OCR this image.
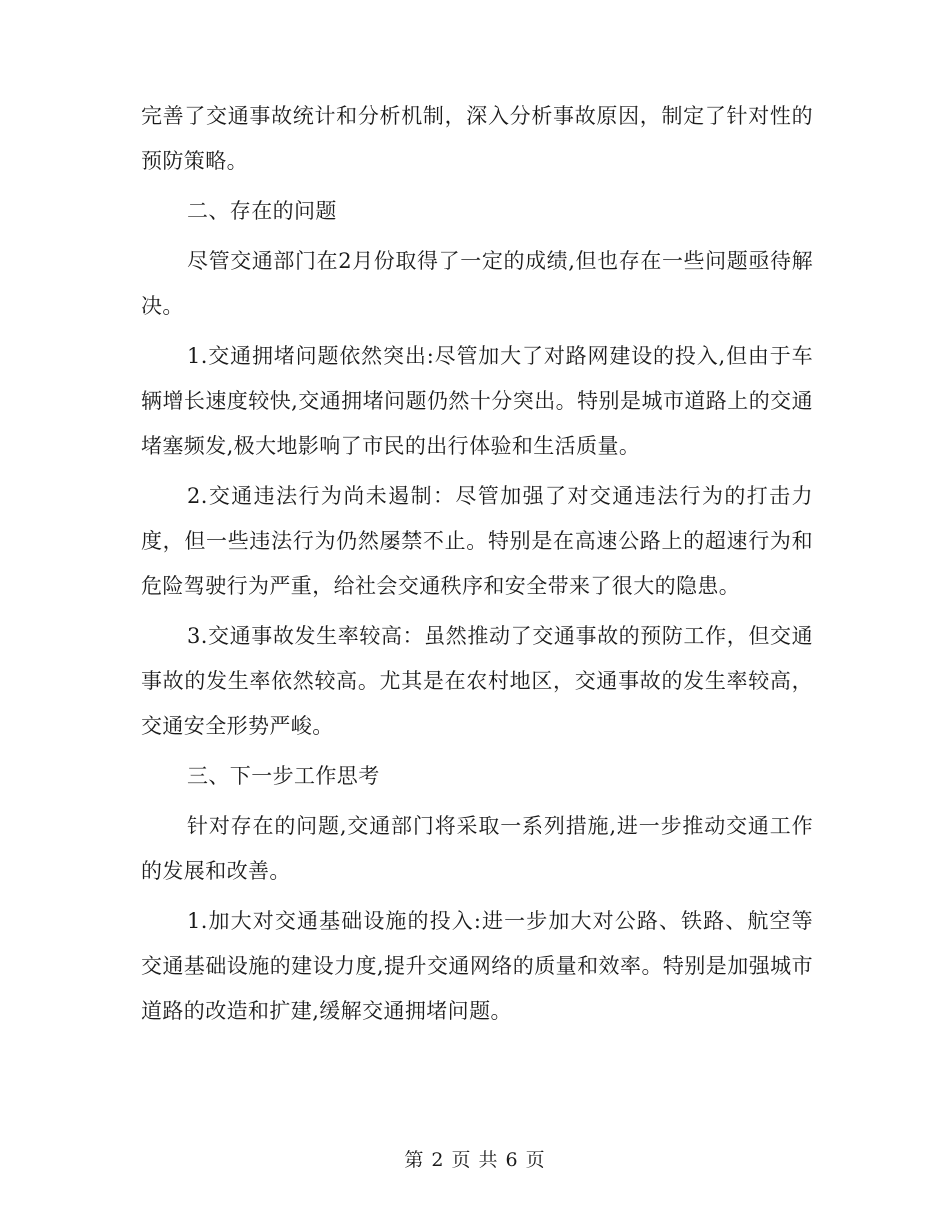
完善了交通事故统计和分析机制，深入分析事故原因，制定了针对性的预防策略。

二、存在的问题

尽管交通部门在2月份取得了一定的成绩,但也存在一些问题亟待解决。

1.交通拥堵问题依然突出:尽管加大了对路网建设的投入,但由于车辆增长速度较快,交通拥堵问题仍然十分突出。特别是城市道路上的交通堵塞频发,极大地影响了市民的出行体验和生活质量。

2.交通违法行为尚未遏制：尽管加强了对交通违法行为的打击力度，但一些违法行为仍然屡禁不止。特别是在高速公路上的超速行为和危险驾驶行为严重，给社会交通秩序和安全带来了很大的隐患。

3.交通事故发生率较高：虽然推动了交通事故的预防工作，但交通事故的发生率依然较高。尤其是在农村地区，交通事故的发生率较高，交通安全形势严峻。

三、下一步工作思考

针对存在的问题,交通部门将采取一系列措施,进一步推动交通工作的发展和改善。

1.加大对交通基础设施的投入:进一步加大对公路、铁路、航空等交通基础设施的建设力度,提升交通网络的质量和效率。特别是加强城市道路的改造和扩建,缓解交通拥堵问题。

第 2 页 共 6 页
